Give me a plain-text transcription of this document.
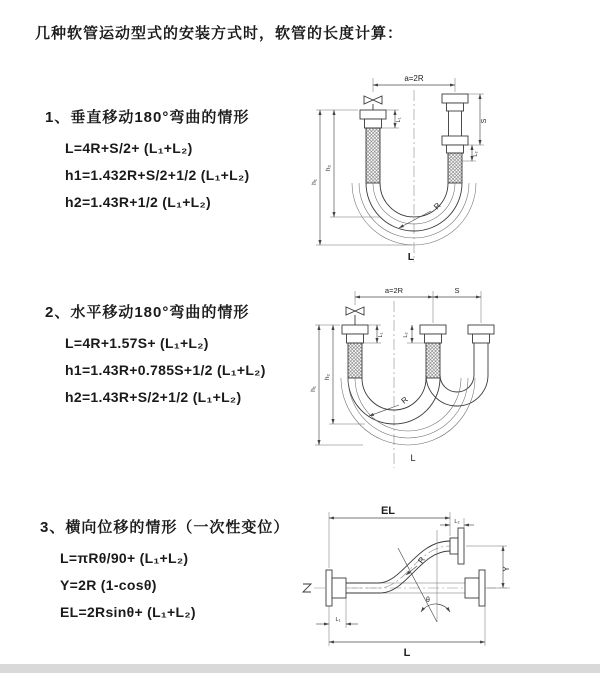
几种软管运动型式的安装方式时，软管的长度计算：
1、垂直移动180°弯曲的情形
L=4R+S/2+ (L₁+L₂)
h1=1.432R+S/2+1/2 (L₁+L₂)
h2=1.43R+1/2 (L₁+L₂)
2、水平移动180°弯曲的情形
L=4R+1.57S+ (L₁+L₂)
h1=1.43R+0.785S+1/2 (L₁+L₂)
h2=1.43R+S/2+1/2 (L₁+L₂)
3、横向位移的情形（一次性变位）
L=πRθ/90+ (L₁+L₂)
Y=2R (1-cosθ)
EL=2Rsinθ+ (L₁+L₂)
a=2R
h₁
h₂
L₁	S
L₂
R
L
a=2R	S
h₁
h₂
L₁	L₂
R
L
θ
R
EL
L₂
Y
L₁
L
